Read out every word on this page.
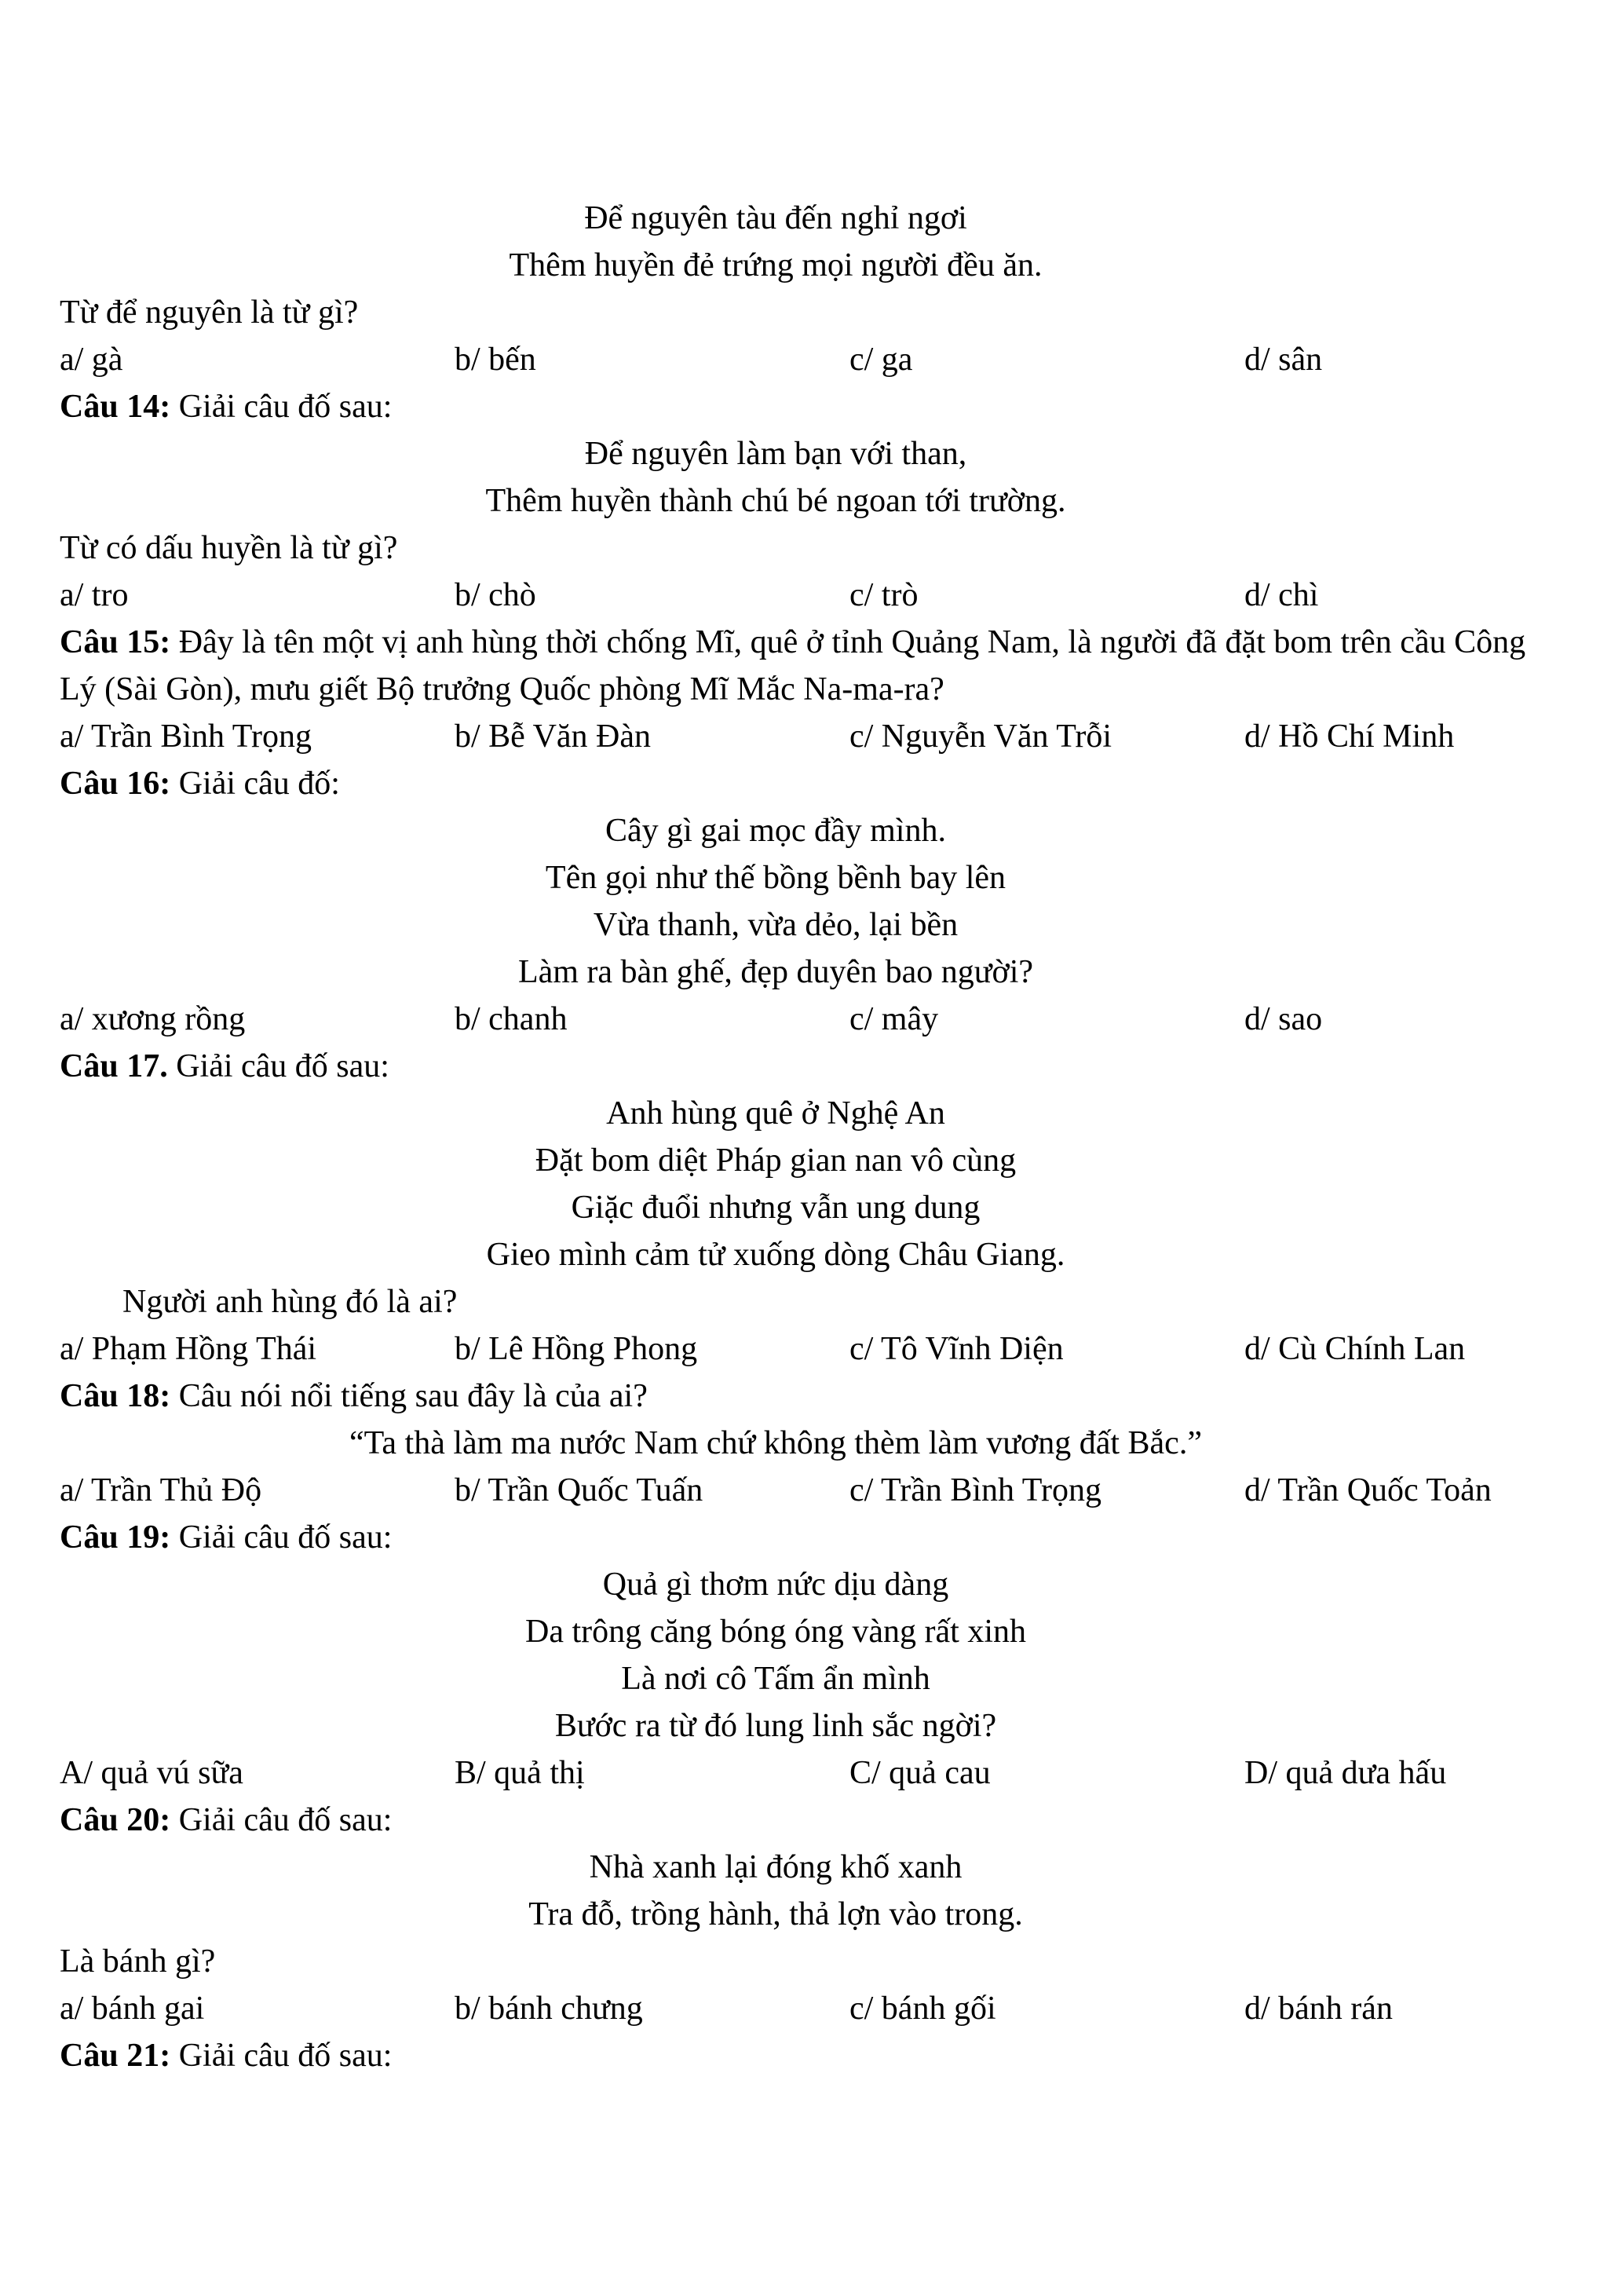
Để nguyên tàu đến nghỉ ngơi
Thêm huyền đẻ trứng mọi người đều ăn.
Từ để nguyên là từ gì?
a/ gà	b/ bến	c/ ga	d/ sân
Câu 14: Giải câu đố sau:
Để nguyên làm bạn với than,
Thêm huyền thành chú bé ngoan tới trường.
Từ có dấu huyền là từ gì?
a/ tro	b/ chò	c/ trò	d/ chì
Câu 15: Đây là tên một vị anh hùng thời chống Mĩ, quê ở tỉnh Quảng Nam, là người đã đặt bom trên cầu Công Lý (Sài Gòn), mưu giết Bộ trưởng Quốc phòng Mĩ Mắc Na-ma-ra?
a/ Trần Bình Trọng	b/ Bễ Văn Đàn	c/ Nguyễn Văn Trỗi	d/ Hồ Chí Minh
Câu 16: Giải câu đố:
Cây gì gai mọc đầy mình.
Tên gọi như thế bồng bềnh bay lên
Vừa thanh, vừa dẻo, lại bền
Làm ra bàn ghế, đẹp duyên bao người?
a/ xương rồng	b/ chanh	c/ mây	d/ sao
Câu 17. Giải câu đố sau:
Anh hùng quê ở Nghệ An
Đặt bom diệt Pháp gian nan vô cùng
Giặc đuổi nhưng vẫn ung dung
Gieo mình cảm tử xuống dòng Châu Giang.
Người anh hùng đó là ai?
a/ Phạm Hồng Thái	b/ Lê Hồng Phong	c/ Tô Vĩnh Diện	d/ Cù Chính Lan
Câu 18: Câu nói nổi tiếng sau đây là của ai?
“Ta thà làm ma nước Nam chứ không thèm làm vương đất Bắc.”
a/ Trần Thủ Độ	b/ Trần Quốc Tuấn	c/ Trần Bình Trọng	d/ Trần Quốc Toản
Câu 19: Giải câu đố sau:
Quả gì thơm nức dịu dàng
Da trông căng bóng óng vàng rất xinh
Là nơi cô Tấm ẩn mình
Bước ra từ đó lung linh sắc ngời?
A/ quả vú sữa	B/ quả thị	C/ quả cau	D/ quả dưa hấu
Câu 20: Giải câu đố sau:
Nhà xanh lại đóng khố xanh
Tra đỗ, trồng hành, thả lợn vào trong.
Là bánh gì?
a/ bánh gai	b/ bánh chưng	c/ bánh gối	d/ bánh rán
Câu 21: Giải câu đố sau:
